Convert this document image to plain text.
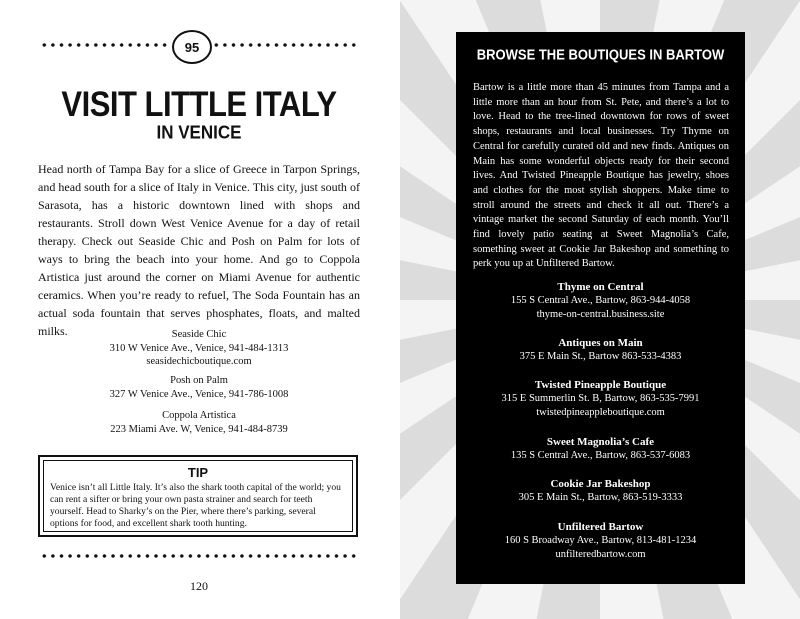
95
VISIT LITTLE ITALY
IN VENICE
Head north of Tampa Bay for a slice of Greece in Tarpon Springs, and head south for a slice of Italy in Venice. This city, just south of Sarasota, has a historic downtown lined with shops and restaurants. Stroll down West Venice Avenue for a day of retail therapy. Check out Seaside Chic and Posh on Palm for lots of ways to bring the beach into your home. And go to Coppola Artistica just around the corner on Miami Avenue for authentic ceramics. When you’re ready to refuel, The Soda Fountain has an actual soda fountain that serves phosphates, floats, and malted milks.	Seaside Chic
310 W Venice Ave., Venice, 941-484-1313
seasidechicboutique.com
Posh on Palm
327 W Venice Ave., Venice, 941-786-1008
Coppola Artistica
223 Miami Ave. W, Venice, 941-484-8739
TIP
Venice isn’t all Little Italy. It’s also the shark tooth capital of the world; you can rent a sifter or bring your own pasta strainer and search for teeth yourself. Head to Sharky’s on the Pier, where there’s parking, several options for food, and excellent shark tooth hunting.
120
BROWSE THE BOUTIQUES IN BARTOW
Bartow is a little more than 45 minutes from Tampa and a little more than an hour from St. Pete, and there’s a lot to love. Head to the tree-lined downtown for rows of sweet shops, restaurants and local businesses. Try Thyme on Central for carefully curated old and new finds. Antiques on Main has some wonderful objects ready for their second lives. And Twisted Pineapple Boutique has jewelry, shoes and clothes for the most stylish shoppers. Make time to stroll around the streets and check it all out. There’s a vintage market the second Saturday of each month. You’ll find lovely patio seating at Sweet Magnolia’s Cafe, something sweet at Cookie Jar Bakeshop and something to perk you up at Unfiltered Bartow.
Thyme on Central
155 S Central Ave., Bartow, 863-944-4058
thyme-on-central.business.site
Antiques on Main
375 E Main St., Bartow 863-533-4383
Twisted Pineapple Boutique
315 E Summerlin St. B, Bartow, 863-535-7991
twistedpineappleboutique.com
Sweet Magnolia’s Cafe
135 S Central Ave., Bartow, 863-537-6083
Cookie Jar Bakeshop
305 E Main St., Bartow, 863-519-3333
Unfiltered Bartow
160 S Broadway Ave., Bartow, 813-481-1234
unfilteredbartow.com
